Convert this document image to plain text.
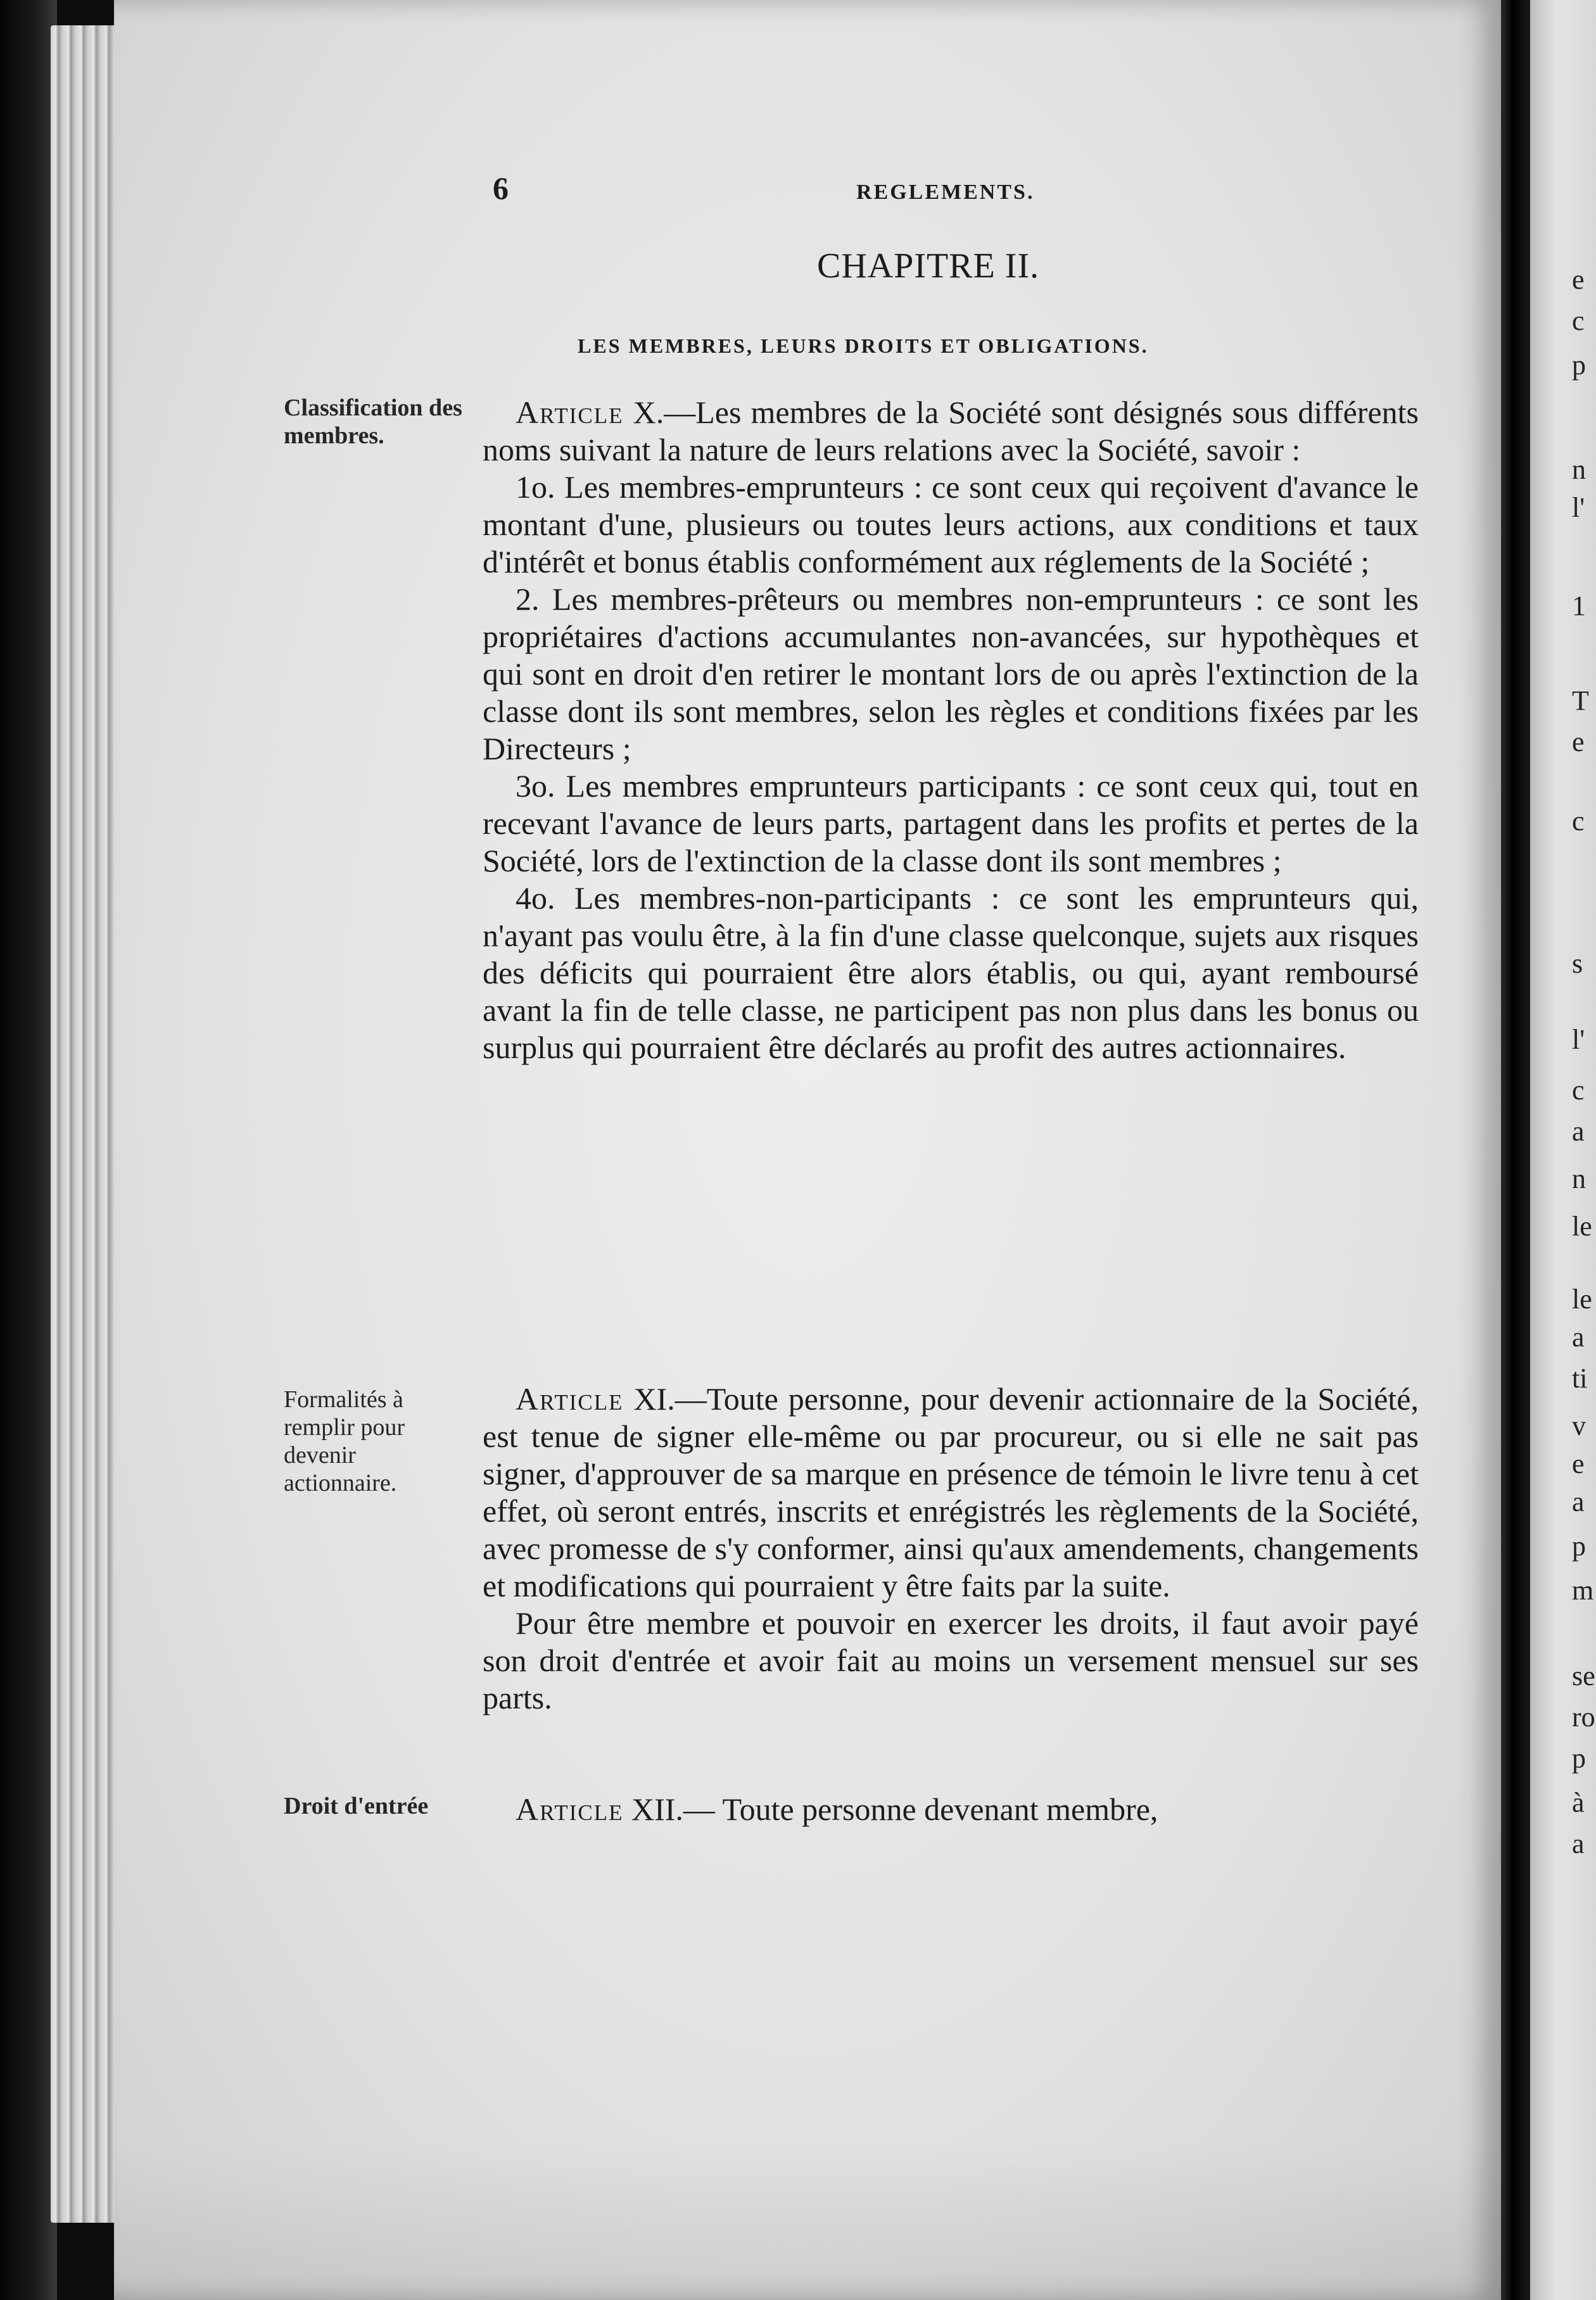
6	REGLEMENTS.
CHAPITRE II.
LES MEMBRES, LEURS DROITS ET OBLIGATIONS.
Classification des membres.
Formalités à remplir pour devenir actionnaire.
Droit d'entrée

Article X.—Les membres de la Société sont désignés sous différents noms suivant la nature de leurs relations avec la Société, savoir :

1o. Les membres-emprunteurs : ce sont ceux qui reçoivent d'avance le montant d'une, plusieurs ou toutes leurs actions, aux conditions et taux d'intérêt et bonus établis conformément aux réglements de la Société ;

2. Les membres-prêteurs ou membres non-emprunteurs : ce sont les propriétaires d'actions accumulantes non-avancées, sur hypothèques et qui sont en droit d'en retirer le montant lors de ou après l'extinction de la classe dont ils sont membres, selon les règles et conditions fixées par les Directeurs ;

3o. Les membres emprunteurs participants : ce sont ceux qui, tout en recevant l'avance de leurs parts, partagent dans les profits et pertes de la Société, lors de l'extinction de la classe dont ils sont membres ;

4o. Les membres-non-participants : ce sont les emprunteurs qui, n'ayant pas voulu être, à la fin d'une classe quelconque, sujets aux risques des déficits qui pourraient être alors établis, ou qui, ayant remboursé avant la fin de telle classe, ne participent pas non plus dans les bonus ou surplus qui pourraient être déclarés au profit des autres actionnaires.

Article XI.—Toute personne, pour devenir actionnaire de la Société, est tenue de signer elle-même ou par procureur, ou si elle ne sait pas signer, d'approuver de sa marque en présence de témoin le livre tenu à cet effet, où seront entrés, inscrits et enrégistrés les règlements de la Société, avec promesse de s'y conformer, ainsi qu'aux amendements, changements et modifications qui pourraient y être faits par la suite.

Pour être membre et pouvoir en exercer les droits, il faut avoir payé son droit d'entrée et avoir fait au moins un versement mensuel sur ses parts.

Article XII.— Toute personne devenant membre,

e
c
p
n
l'
1
T
e
c
s
l'
c
a
n
le
le
a
ti
v
e
a
p
m
se
ro
p
à
a
